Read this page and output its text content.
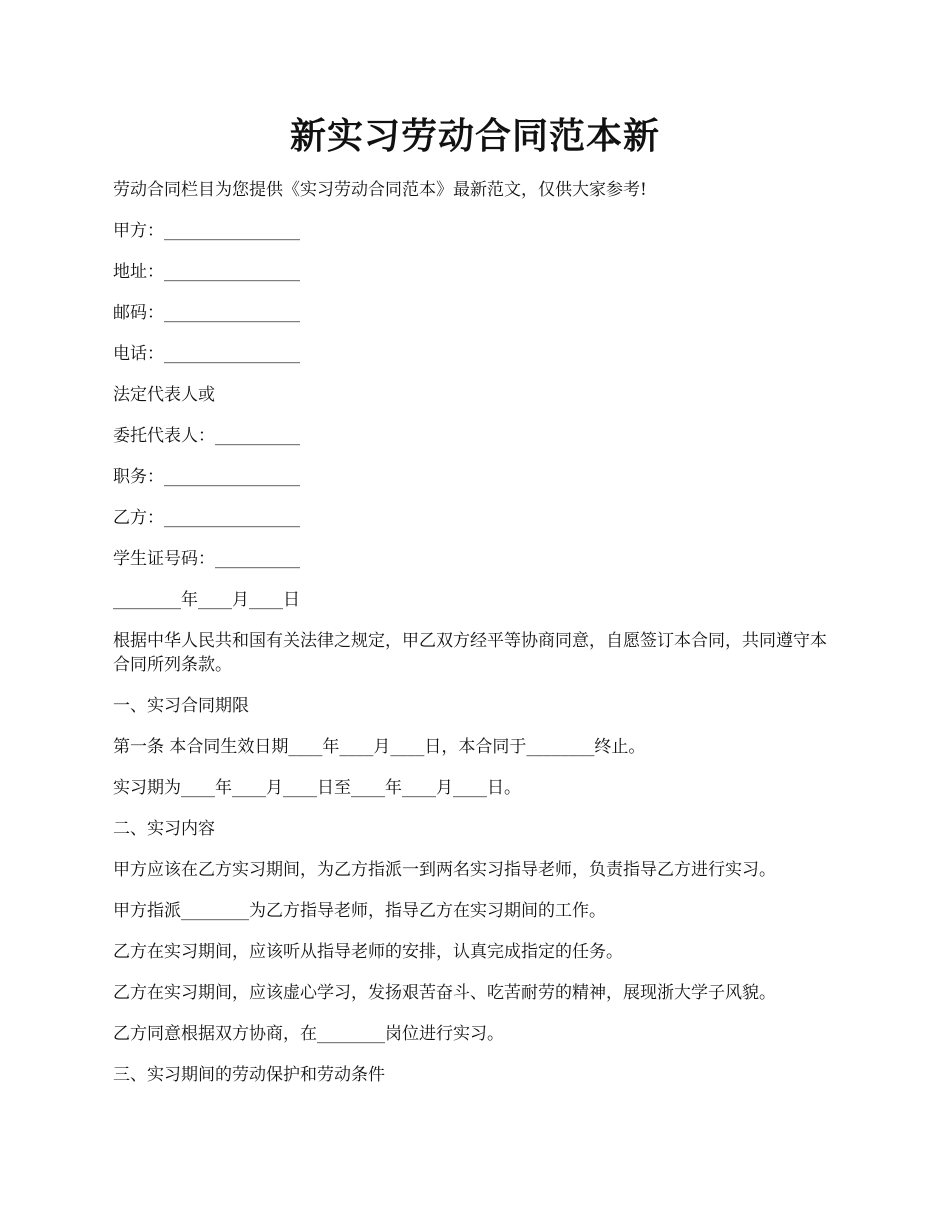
新实习劳动合同范本新

劳动合同栏目为您提供《实习劳动合同范本》最新范文，仅供大家参考!

甲方：________________

地址：________________

邮码：________________

电话：________________

法定代表人或

委托代表人：__________

职务：________________

乙方：________________

学生证号码：__________

________年____月____日

根据中华人民共和国有关法律之规定，甲乙双方经平等协商同意，自愿签订本合同，共同遵守本合同所列条款。

一、实习合同期限

第一条 本合同生效日期____年____月____日，本合同于________终止。

实习期为____年____月____日至____年____月____日。

二、实习内容

甲方应该在乙方实习期间，为乙方指派一到两名实习指导老师，负责指导乙方进行实习。

甲方指派________为乙方指导老师，指导乙方在实习期间的工作。

乙方在实习期间，应该听从指导老师的安排，认真完成指定的任务。

乙方在实习期间，应该虚心学习，发扬艰苦奋斗、吃苦耐劳的精神，展现浙大学子风貌。

乙方同意根据双方协商，在________岗位进行实习。

三、实习期间的劳动保护和劳动条件
